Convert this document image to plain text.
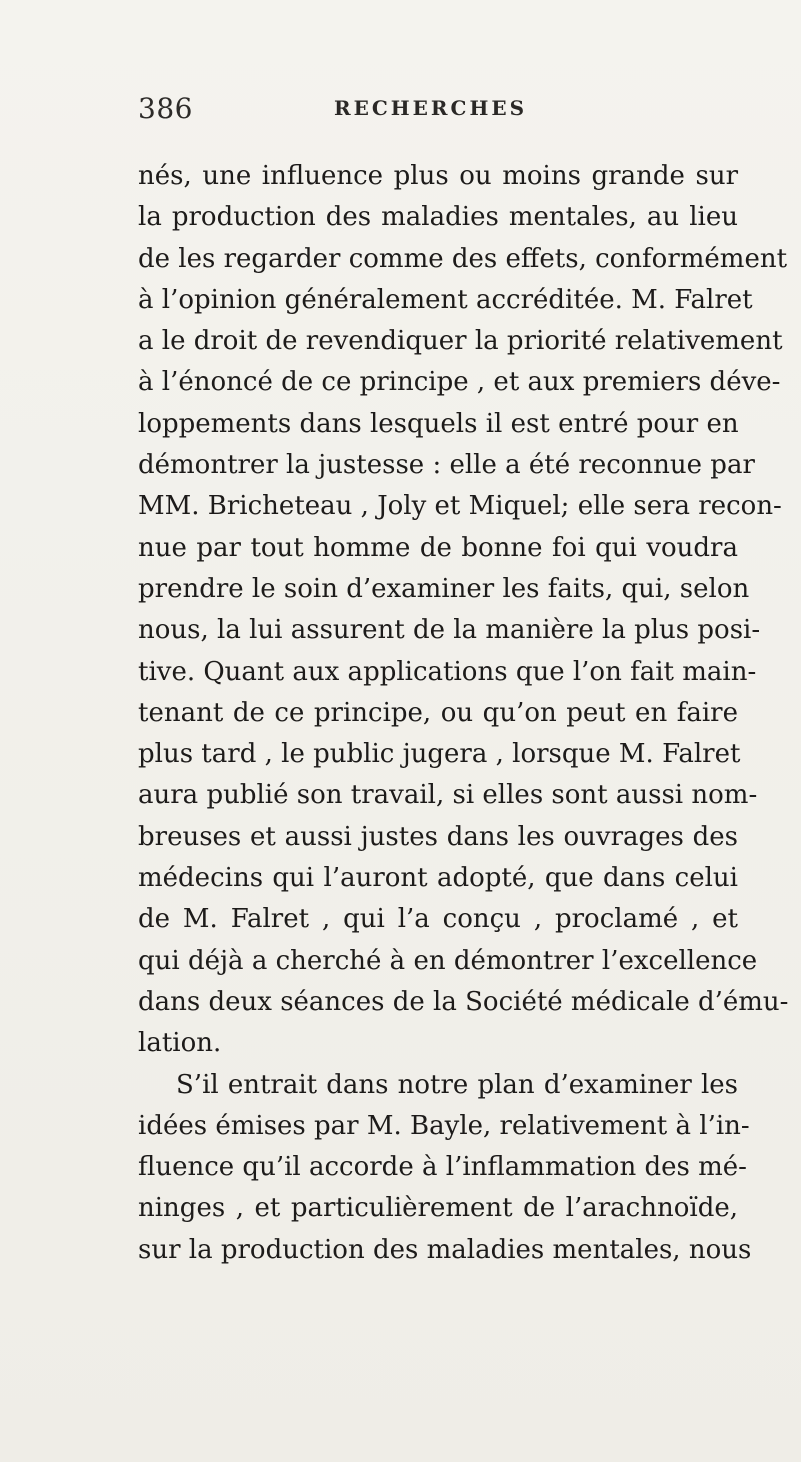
386	RECHERCHES
nés, une influence plus ou moins grande sur
la production des maladies mentales, au lieu
de les regarder comme des effets, conformément
à l’opinion généralement accréditée. M. Falret
a le droit de revendiquer la priorité relativement
à l’énoncé de ce principe , et aux premiers déve-
loppements dans lesquels il est entré pour en
démontrer la justesse : elle a été reconnue par
MM. Bricheteau , Joly et Miquel; elle sera recon-
nue par tout homme de bonne foi qui voudra
prendre le soin d’examiner les faits, qui, selon
nous, la lui assurent de la manière la plus posi-
tive. Quant aux applications que l’on fait main-
tenant de ce principe, ou qu’on peut en faire
plus tard , le public jugera , lorsque M. Falret
aura publié son travail, si elles sont aussi nom-
breuses et aussi justes dans les ouvrages des
médecins qui l’auront adopté, que dans celui
de M. Falret , qui l’a conçu , proclamé , et
qui déjà a cherché à en démontrer l’excellence
dans deux séances de la Société médicale d’ému-
lation.
S’il entrait dans notre plan d’examiner les
idées émises par M. Bayle, relativement à l’in-
fluence qu’il accorde à l’inflammation des mé-
ninges , et particulièrement de l’arachnoïde,
sur la production des maladies mentales, nous
